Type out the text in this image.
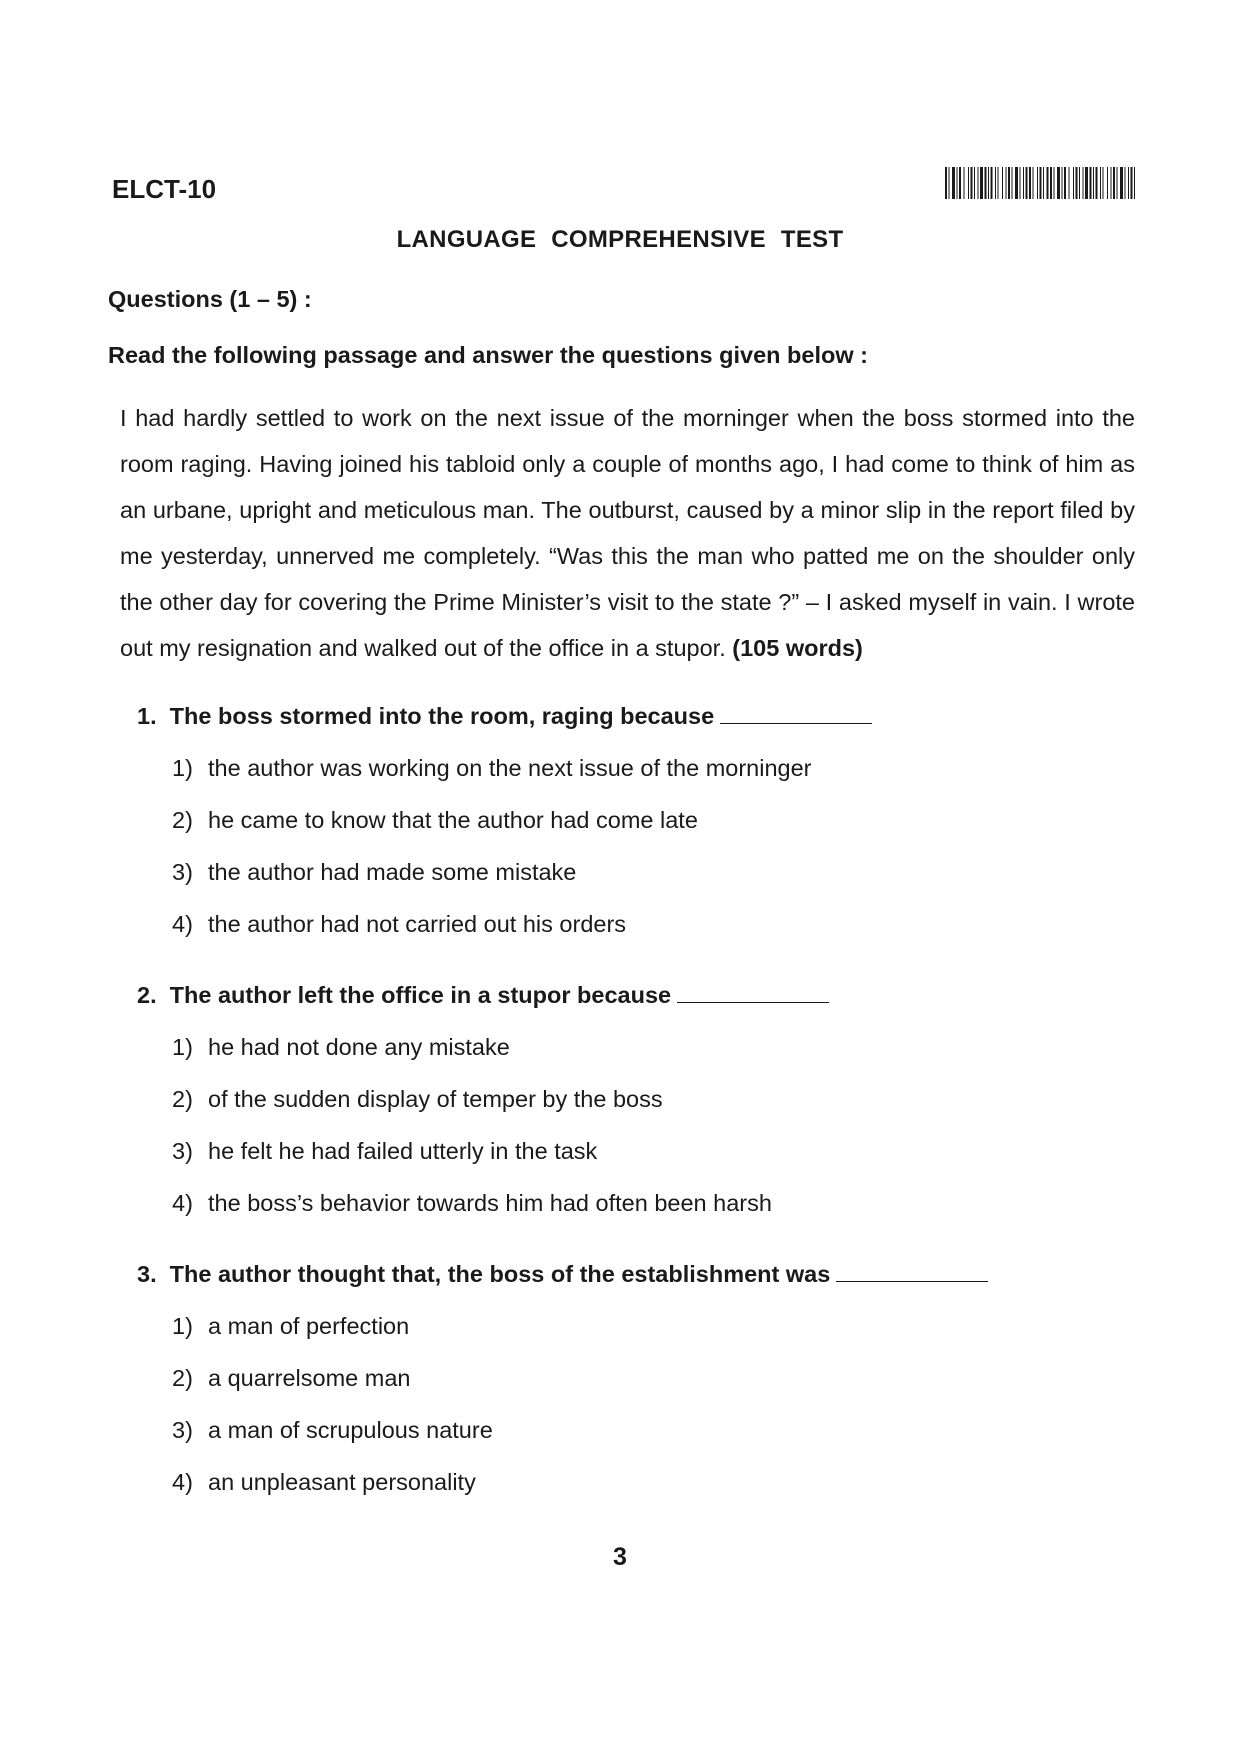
ELCT-10
LANGUAGE COMPREHENSIVE TEST
Questions (1 – 5) :
Read the following passage and answer the questions given below :

I had hardly settled to work on the next issue of the morninger when the boss stormed into the room raging. Having joined his tabloid only a couple of months ago, I had come to think of him as an urbane, upright and meticulous man. The outburst, caused by a minor slip in the report filed by me yesterday, unnerved me completely. “Was this the man who patted me on the shoulder only the other day for covering the Prime Minister’s visit to the state ?” – I asked myself in vain. I wrote out my resignation and walked out of the office in a stupor. (105 words)

1. The boss stormed into the room, raging because

1) the author was working on the next issue of the morninger

2) he came to know that the author had come late

3) the author had made some mistake

4) the author had not carried out his orders

2. The author left the office in a stupor because

1) he had not done any mistake

2) of the sudden display of temper by the boss

3) he felt he had failed utterly in the task

4) the boss’s behavior towards him had often been harsh

3. The author thought that, the boss of the establishment was

1) a man of perfection

2) a quarrelsome man

3) a man of scrupulous nature

4) an unpleasant personality

3
